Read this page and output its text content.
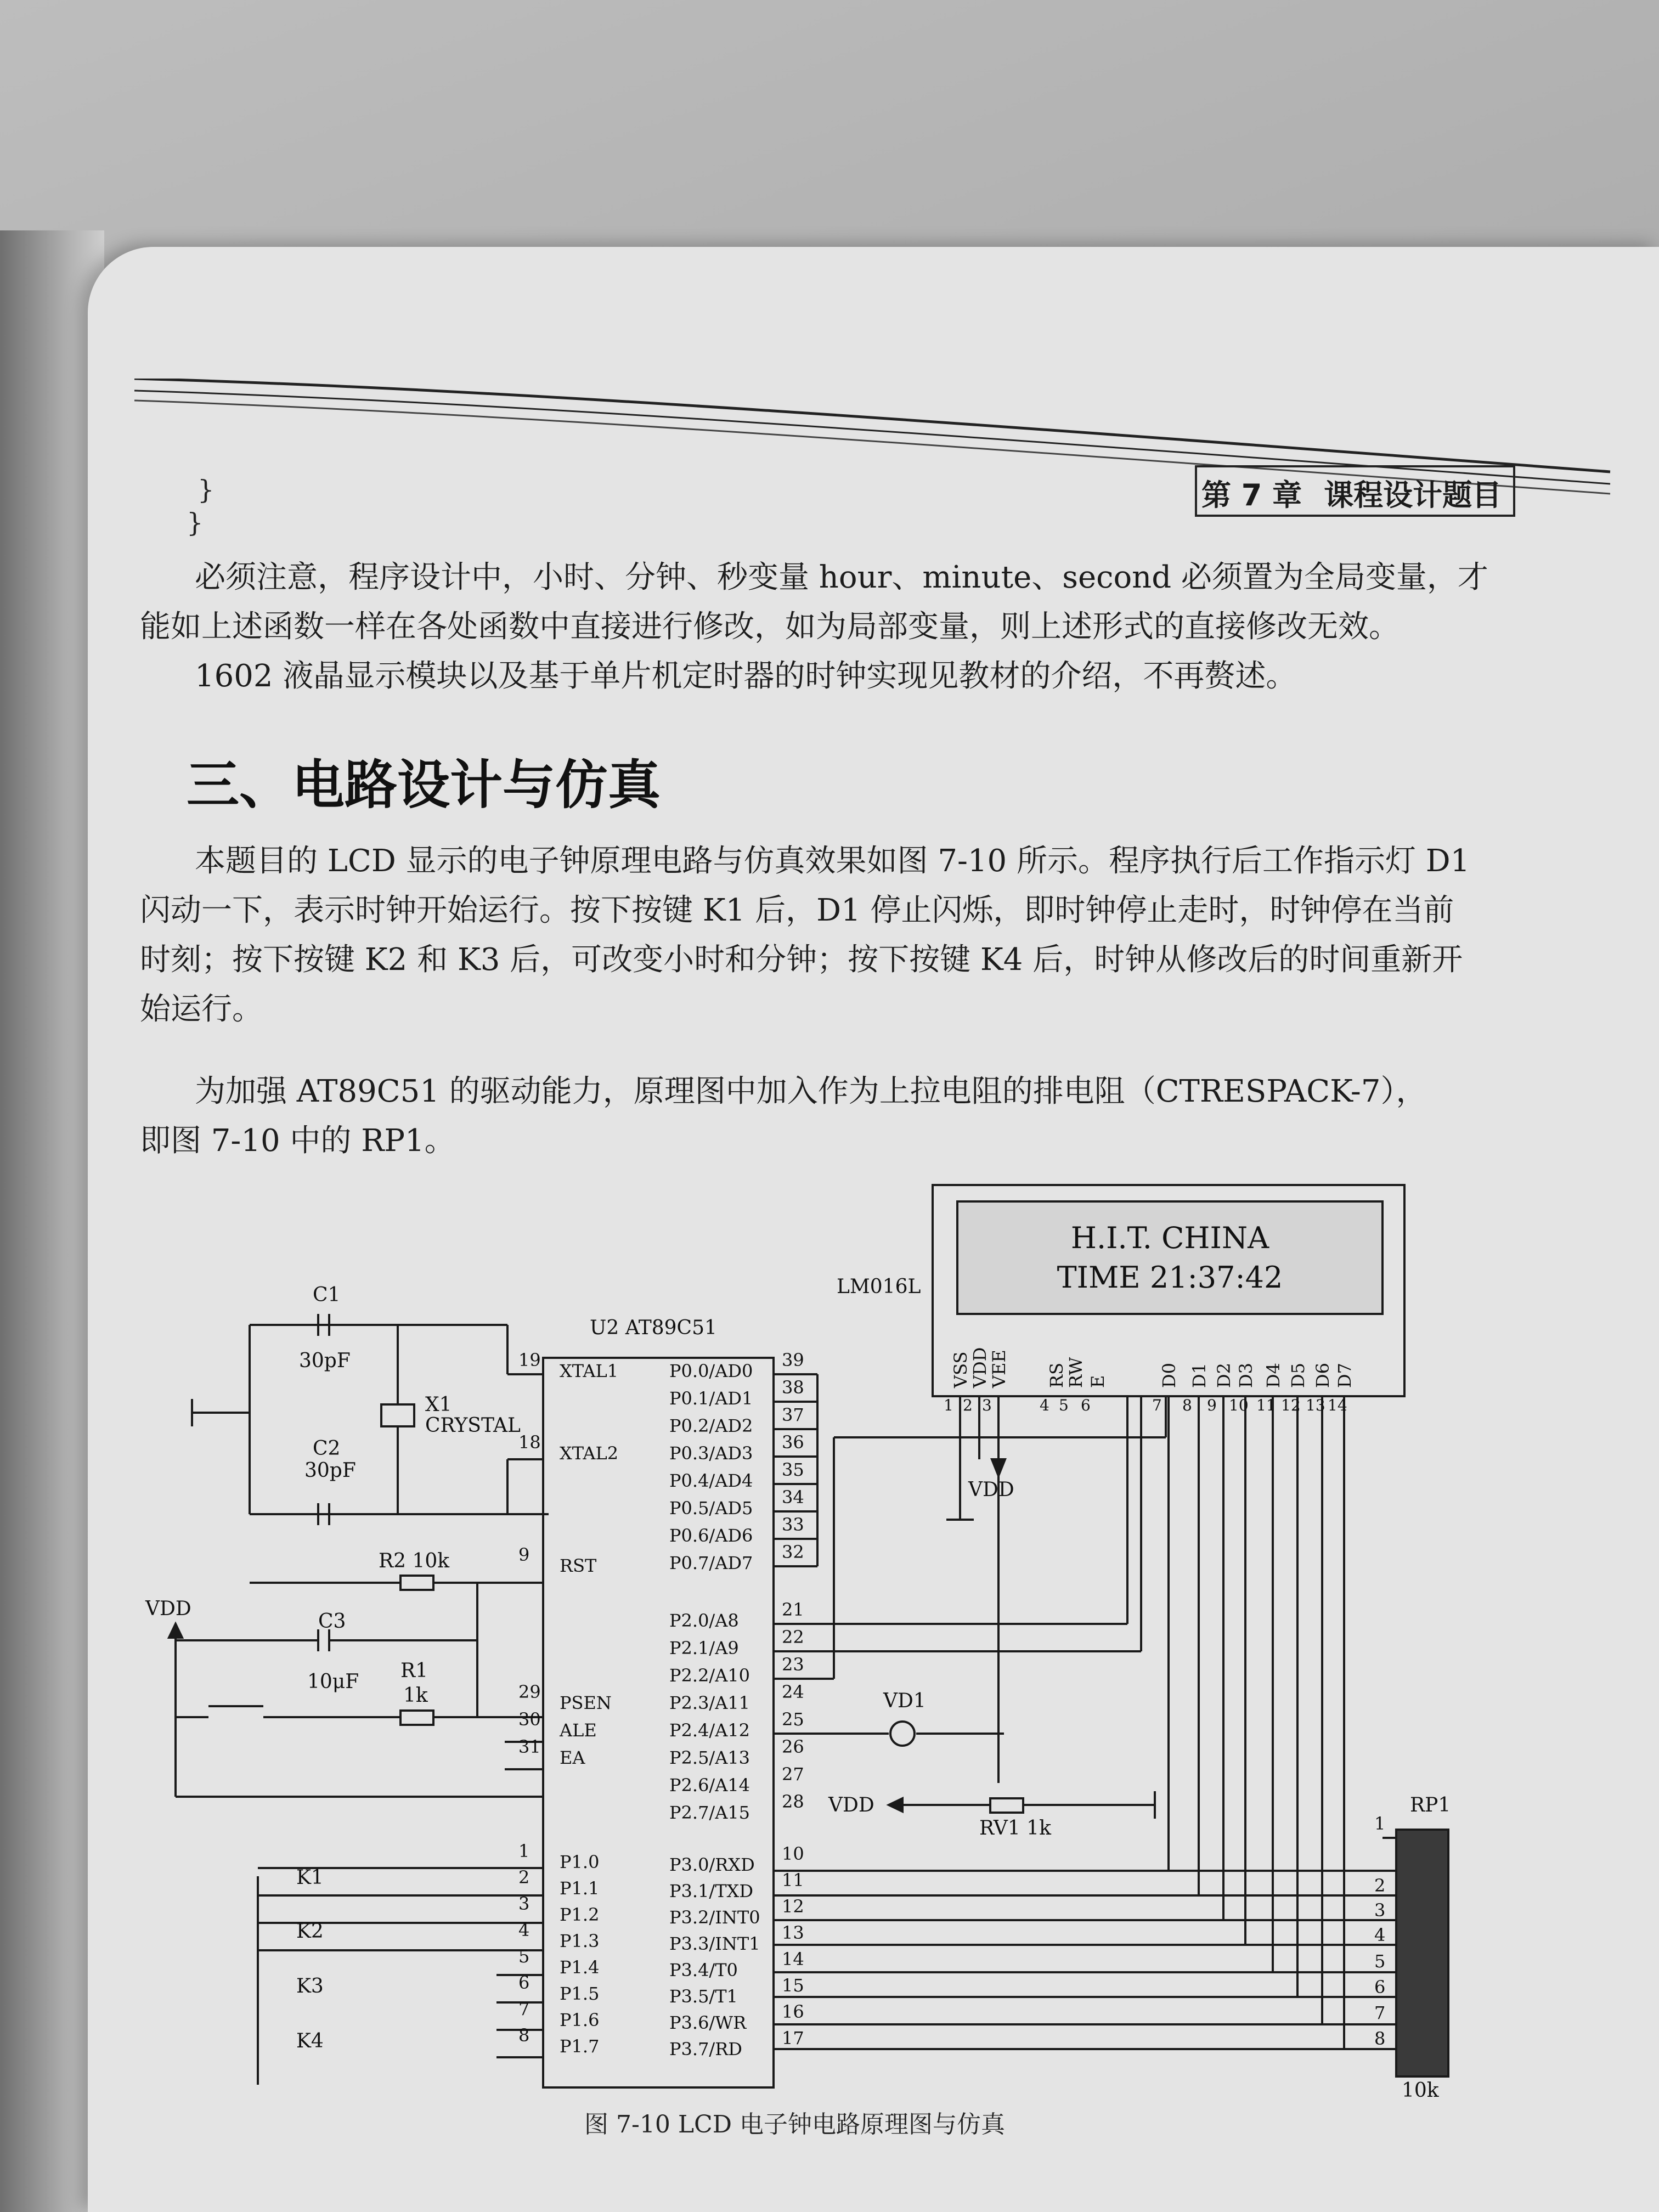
第 7 章 课程设计题目
}
}
必须注意，程序设计中，小时、分钟、秒变量 hour、minute、second 必须置为全局变量，才
能如上述函数一样在各处函数中直接进行修改，如为局部变量，则上述形式的直接修改无效。
1602 液晶显示模块以及基于单片机定时器的时钟实现见教材的介绍，不再赘述。
三、电路设计与仿真
本题目的 LCD 显示的电子钟原理电路与仿真效果如图 7-10 所示。程序执行后工作指示灯 D1
闪动一下，表示时钟开始运行。按下按键 K1 后，D1 停止闪烁，即时钟停止走时，时钟停在当前
时刻；按下按键 K2 和 K3 后，可改变小时和分钟；按下按键 K4 后，时钟从修改后的时间重新开
始运行。
为加强 AT89C51 的驱动能力，原理图中加入作为上拉电阻的排电阻（CTRESPACK-7），
即图 7-10 中的 RP1。
H.I.T. CHINA
TIME 21:37:42
LM016L
U2 AT89C51
C1
30pF
X1
CRYSTAL
C2
30pF
R2 10k
VDD
C3
10μF R1
1k	VD1
VDD
VDD
RV1 1k
RP1
10k
K1
K2
K3
K4
1
2
3
4
5
6
7
8
19
XTAL1
18
XTAL2
9
RST
29
PSEN
30
ALE
31
EA
1
P1.0
2
P1.1
3
P1.2
4
P1.3
5
P1.4
6
P1.5
7
P1.6
8
P1.7
P0.0/AD0
39
P0.1/AD1
38
P0.2/AD2
37
P0.3/AD3
36
P0.4/AD4
35
P0.5/AD5
34
P0.6/AD6
33
P0.7/AD7
32
P2.0/A8
21
P2.1/A9
22
P2.2/A10
23
P2.3/A11
24
P2.4/A12
25
P2.5/A13
26
P2.6/A14
27
P2.7/A15
28
P3.0/RXD
10
P3.1/TXD
11
P3.2/INT0
12
P3.3/INT1
13
P3.4/T0
14
P3.5/T1
15
P3.6/WR
16
P3.7/RD
17
VSS
1
VDD
2
VEE
3
RS
4
RW
5
E
6
D0
7
D1
8
D2
9
D3
10
D4
11
D5
12
D6
13
D7
14
图 7-10 LCD 电子钟电路原理图与仿真
